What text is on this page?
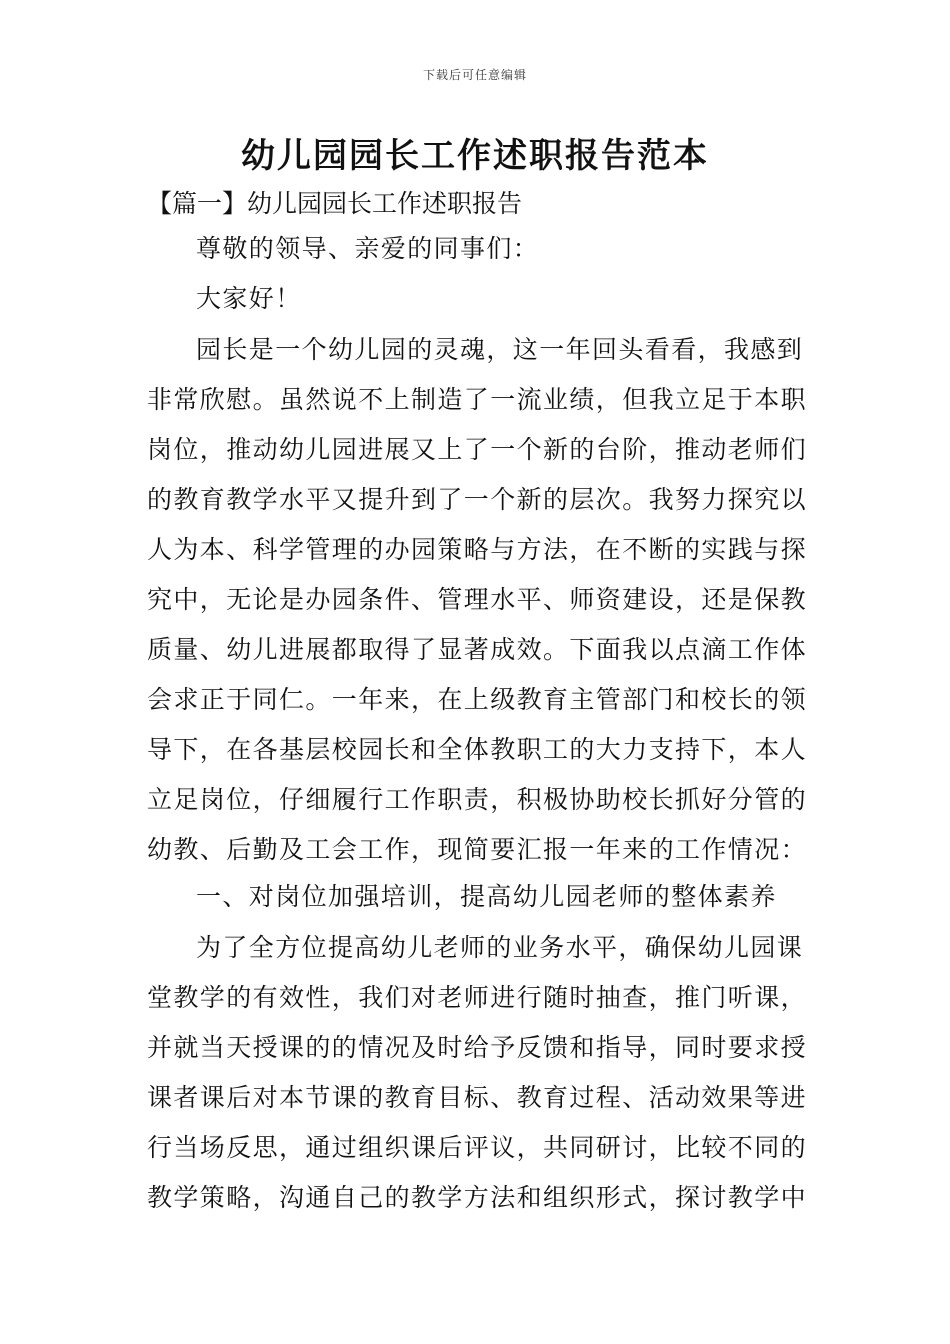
下载后可任意编辑
幼儿园园长工作述职报告范本
【篇一】幼儿园园长工作述职报告
尊敬的领导、亲爱的同事们：
大家好！
园长是一个幼儿园的灵魂，这一年回头看看，我感到
非常欣慰。虽然说不上制造了一流业绩，但我立足于本职
岗位，推动幼儿园进展又上了一个新的台阶，推动老师们
的教育教学水平又提升到了一个新的层次。我努力探究以
人为本、科学管理的办园策略与方法，在不断的实践与探
究中，无论是办园条件、管理水平、师资建设，还是保教
质量、幼儿进展都取得了显著成效。下面我以点滴工作体
会求正于同仁。一年来，在上级教育主管部门和校长的领
导下，在各基层校园长和全体教职工的大力支持下，本人
立足岗位，仔细履行工作职责，积极协助校长抓好分管的
幼教、后勤及工会工作，现简要汇报一年来的工作情况：
一、对岗位加强培训，提高幼儿园老师的整体素养
为了全方位提高幼儿老师的业务水平，确保幼儿园课
堂教学的有效性，我们对老师进行随时抽查，推门听课，
并就当天授课的的情况及时给予反馈和指导，同时要求授
课者课后对本节课的教育目标、教育过程、活动效果等进
行当场反思，通过组织课后评议，共同研讨，比较不同的
教学策略，沟通自己的教学方法和组织形式，探讨教学中
